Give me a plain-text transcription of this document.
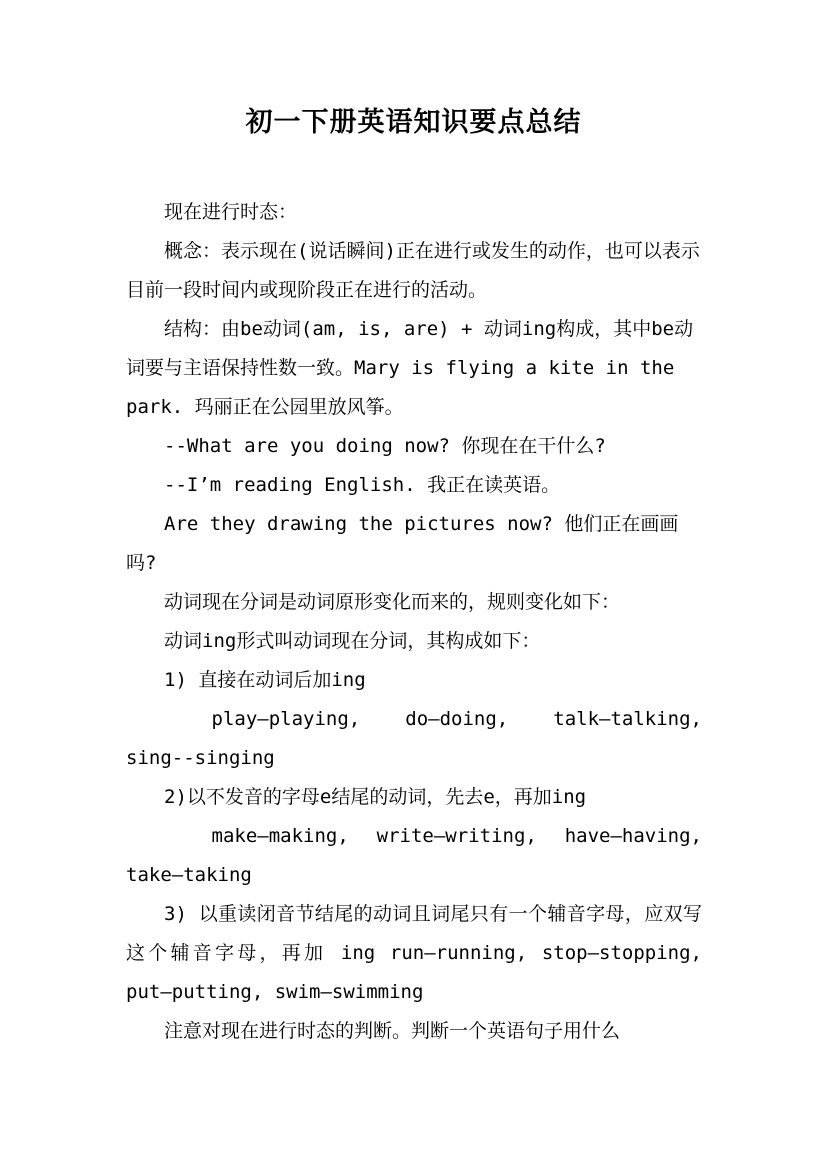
初一下册英语知识要点总结

现在进行时态：

概念：表示现在(说话瞬间)正在进行或发生的动作，也可以表示目前一段时间内或现阶段正在进行的活动。

结构：由be动词(am, is, are) + 动词ing构成，其中be动词要与主语保持性数一致。Mary is flying a kite in the park. 玛丽正在公园里放风筝。

--What are you doing now? 你现在在干什么?

--I’m reading English. 我正在读英语。

Are they drawing the pictures now? 他们正在画画吗?

动词现在分词是动词原形变化而来的，规则变化如下：

动词ing形式叫动词现在分词，其构成如下：

1) 直接在动词后加ing

play—playing, do—doing, talk—talking, sing--singing

2)以不发音的字母e结尾的动词，先去e，再加ing

make—making, write—writing, have—having, take—taking

3) 以重读闭音节结尾的动词且词尾只有一个辅音字母，应双写这个辅音字母，再加 ing run—running, stop—stopping, put—putting, swim—swimming

注意对现在进行时态的判断。判断一个英语句子用什么
